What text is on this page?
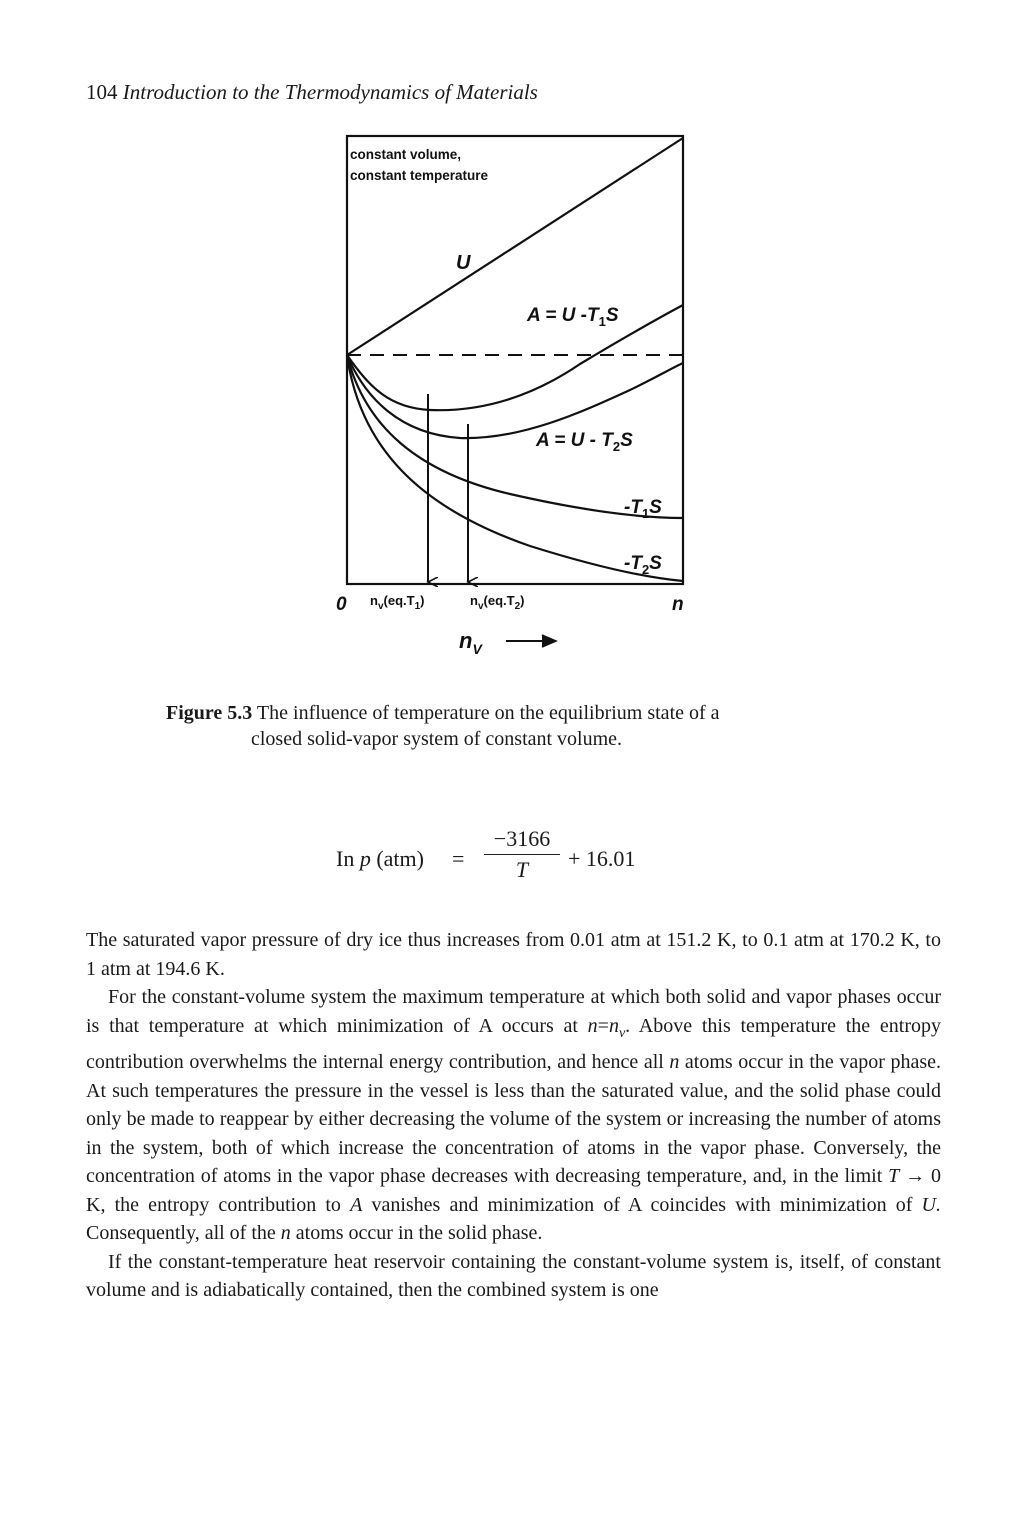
104 Introduction to the Thermodynamics of Materials
constant volume,
constant temperature
U
A = U $-T_1S$
$A = U - T_2S$
$-T_1S$
$-T_2S$
0	n
$n_v(eq.T_1)$	$n_v(eq.T_2)$
$n_V$
Figure 5.3 The influence of temperature on the equilibrium state of a
closed solid-vapor system of constant volume.
In p $(atm) = \frac{-3166}{T} + 16.01$

The saturated vapor pressure of dry ice thus increases from 0.01 atm at 151.2 K, to 0.1 atm at 170.2 K, to 1 atm at 194.6 K.

For the constant-volume system the maximum temperature at which both solid and vapor phases occur is that temperature at which minimization of A occurs at $n=n_v$. Above this temperature the entropy contribution overwhelms the internal energy contribution, and hence all n atoms occur in the vapor phase. At such temperatures the pressure in the vessel is less than the saturated value, and the solid phase could only be made to reappear by either decreasing the volume of the system or increasing the number of atoms in the system, both of which increase the concentration of atoms in the vapor phase. Conversely, the concentration of atoms in the vapor phase decreases with decreasing temperature, and, in the limit T → 0 K, the entropy contribution to A vanishes and minimization of A coincides with minimization of U. Consequently, all of the n atoms occur in the solid phase.

If the constant-temperature heat reservoir containing the constant-volume system is, itself, of constant volume and is adiabatically contained, then the combined system is one
